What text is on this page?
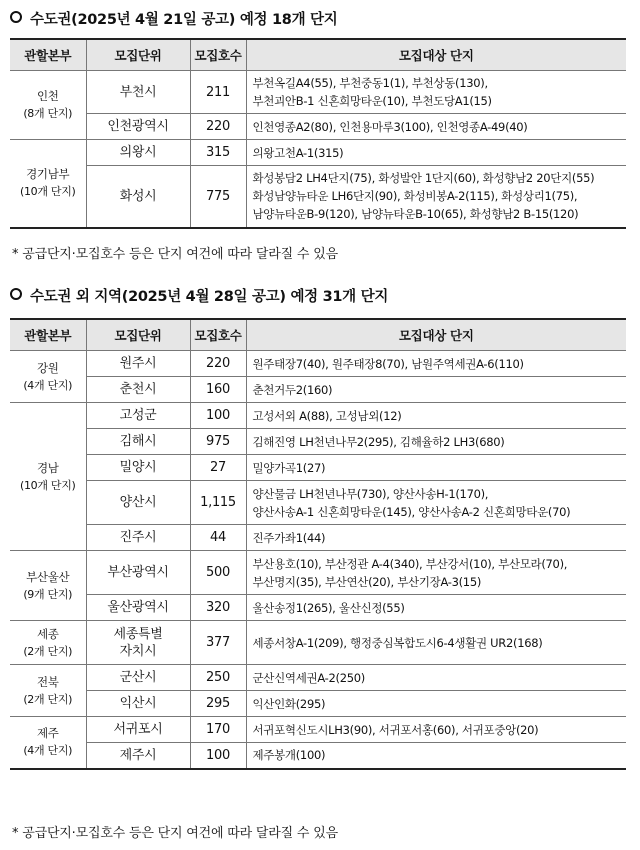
수도권(2025년 4월 21일 공고) 예정 18개 단지
관할본부	모집단위	모집호수	모집대상 단지

인천
(8개 단지)	부천시	211	부천옥길A4(55), 부천중동1(1), 부천상동(130),
부천괴안B-1 신혼희망타운(10), 부천도당A1(15)

	인천광역시	220	인천영종A2(80), 인천용마루3(100), 인천영종A-49(40)

경기남부
(10개 단지)	의왕시	315	의왕고천A-1(315)

	화성시	775	화성봉담2 LH4단지(75), 화성발안 1단지(60), 화성향남2 20단지(55)
화성남양뉴타운 LH6단지(90), 화성비봉A-2(115), 화성상리1(75),
남양뉴타운B-9(120), 남양뉴타운B-10(65), 화성향남2 B-15(120)
* 공급단지·모집호수 등은 단지 여건에 따라 달라질 수 있음
수도권 외 지역(2025년 4월 28일 공고) 예정 31개 단지
관할본부	모집단위	모집호수	모집대상 단지

강원
(4개 단지)	원주시	220	원주태장7(40), 원주태장8(70), 남원주역세권A-6(110)

	춘천시	160	춘천거두2(160)

경남
(10개 단지)	고성군	100	고성서외 A(88), 고성남외(12)

	김해시	975	김해진영 LH천년나무2(295), 김해율하2 LH3(680)

	밀양시	27	밀양가곡1(27)

	양산시	1,115	양산물금 LH천년나무(730), 양산사송H-1(170),
양산사송A-1 신혼희망타운(145), 양산사송A-2 신혼희망타운(70)

	진주시	44	진주가좌1(44)

부산울산
(9개 단지)	부산광역시	500	부산용호(10), 부산정관 A-4(340), 부산강서(10), 부산모라(70),
부산명지(35), 부산연산(20), 부산기장A-3(15)

	울산광역시	320	울산송정1(265), 울산신정(55)

세종
(2개 단지)	세종특별
자치시	377	세종서창A-1(209), 행정중심복합도시6-4생활권 UR2(168)

전북
(2개 단지)	군산시	250	군산신역세권A-2(250)

	익산시	295	익산인화(295)

제주
(4개 단지)	서귀포시	170	서귀포혁신도시LH3(90), 서귀포서홍(60), 서귀포중앙(20)

	제주시	100	제주봉개(100)
* 공급단지·모집호수 등은 단지 여건에 따라 달라질 수 있음
